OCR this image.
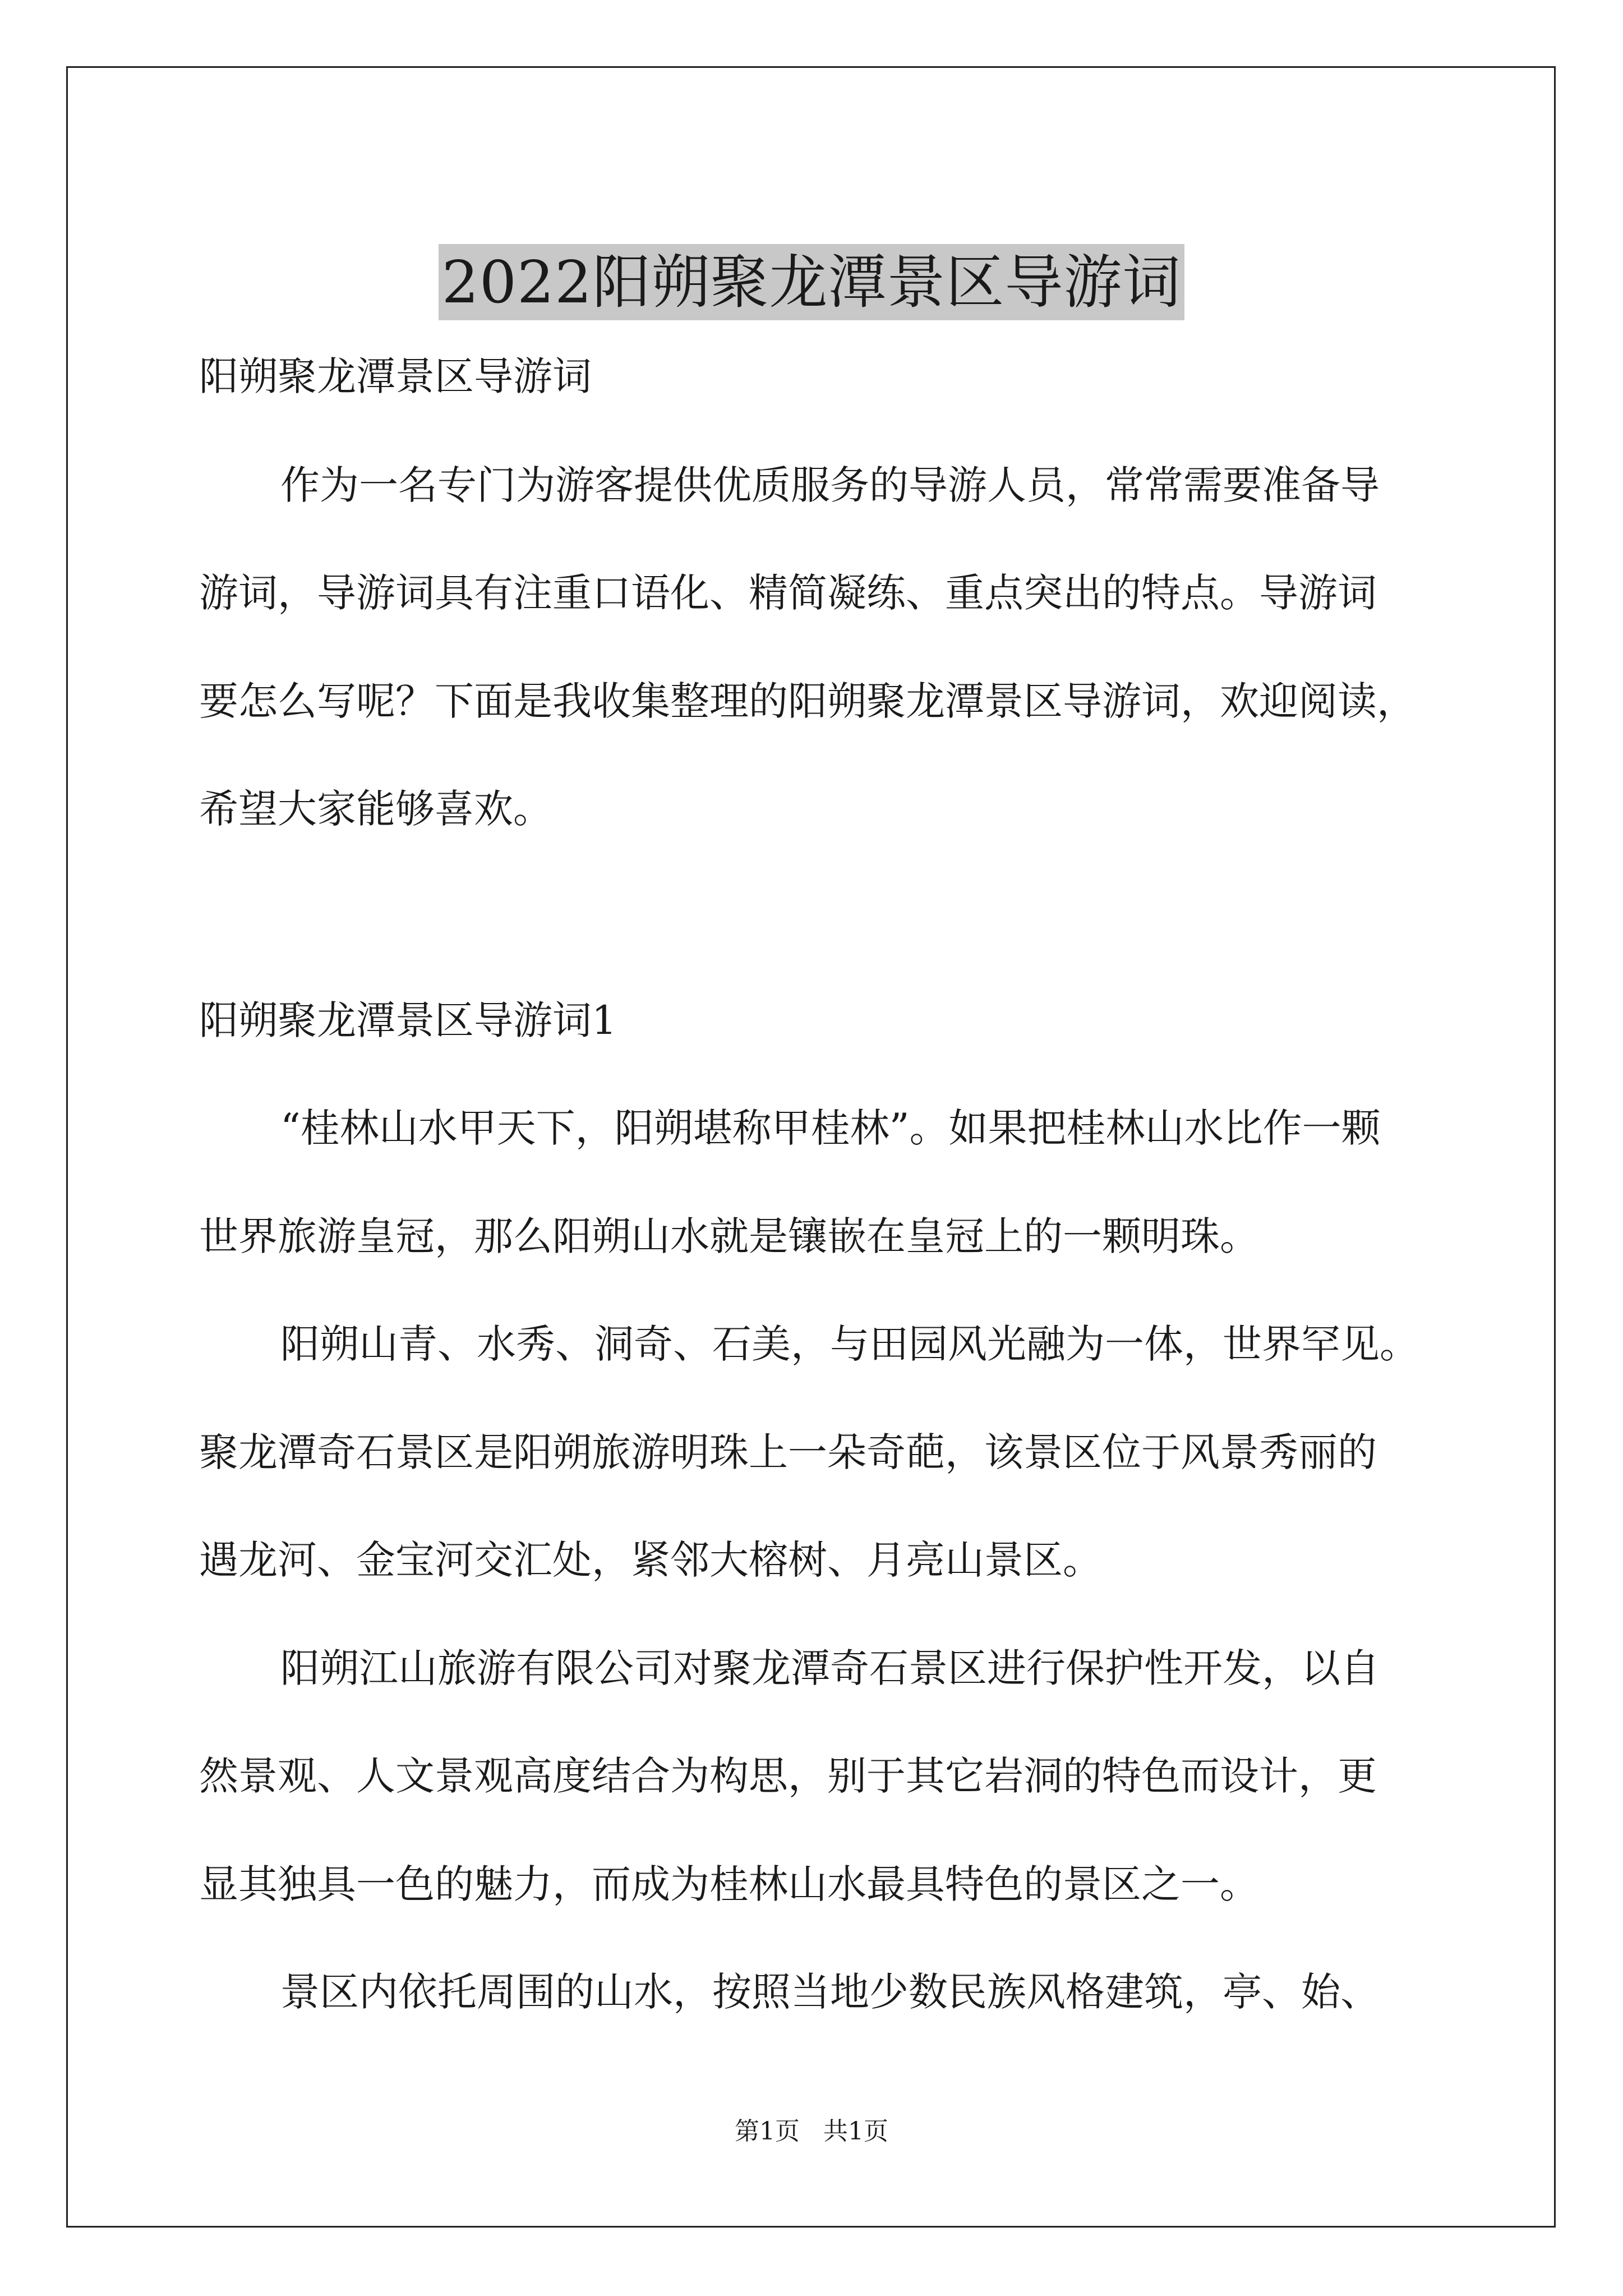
2022阳朔聚龙潭景区导游词
阳朔聚龙潭景区导游词
作为一名专门为游客提供优质服务的导游人员，常常需要准备导
游词，导游词具有注重口语化、精简凝练、重点突出的特点。导游词
要怎么写呢？下面是我收集整理的阳朔聚龙潭景区导游词，欢迎阅读，
希望大家能够喜欢。
阳朔聚龙潭景区导游词1
“桂林山水甲天下，阳朔堪称甲桂林”。如果把桂林山水比作一颗
世界旅游皇冠，那么阳朔山水就是镶嵌在皇冠上的一颗明珠。
阳朔山青、水秀、洞奇、石美，与田园风光融为一体，世界罕见。
聚龙潭奇石景区是阳朔旅游明珠上一朵奇葩，该景区位于风景秀丽的
遇龙河、金宝河交汇处，紧邻大榕树、月亮山景区。
阳朔江山旅游有限公司对聚龙潭奇石景区进行保护性开发，以自
然景观、人文景观高度结合为构思，别于其它岩洞的特色而设计，更
显其独具一色的魅力，而成为桂林山水最具特色的景区之一。
景区内依托周围的山水，按照当地少数民族风格建筑，亭、始、
第1页 共1页
